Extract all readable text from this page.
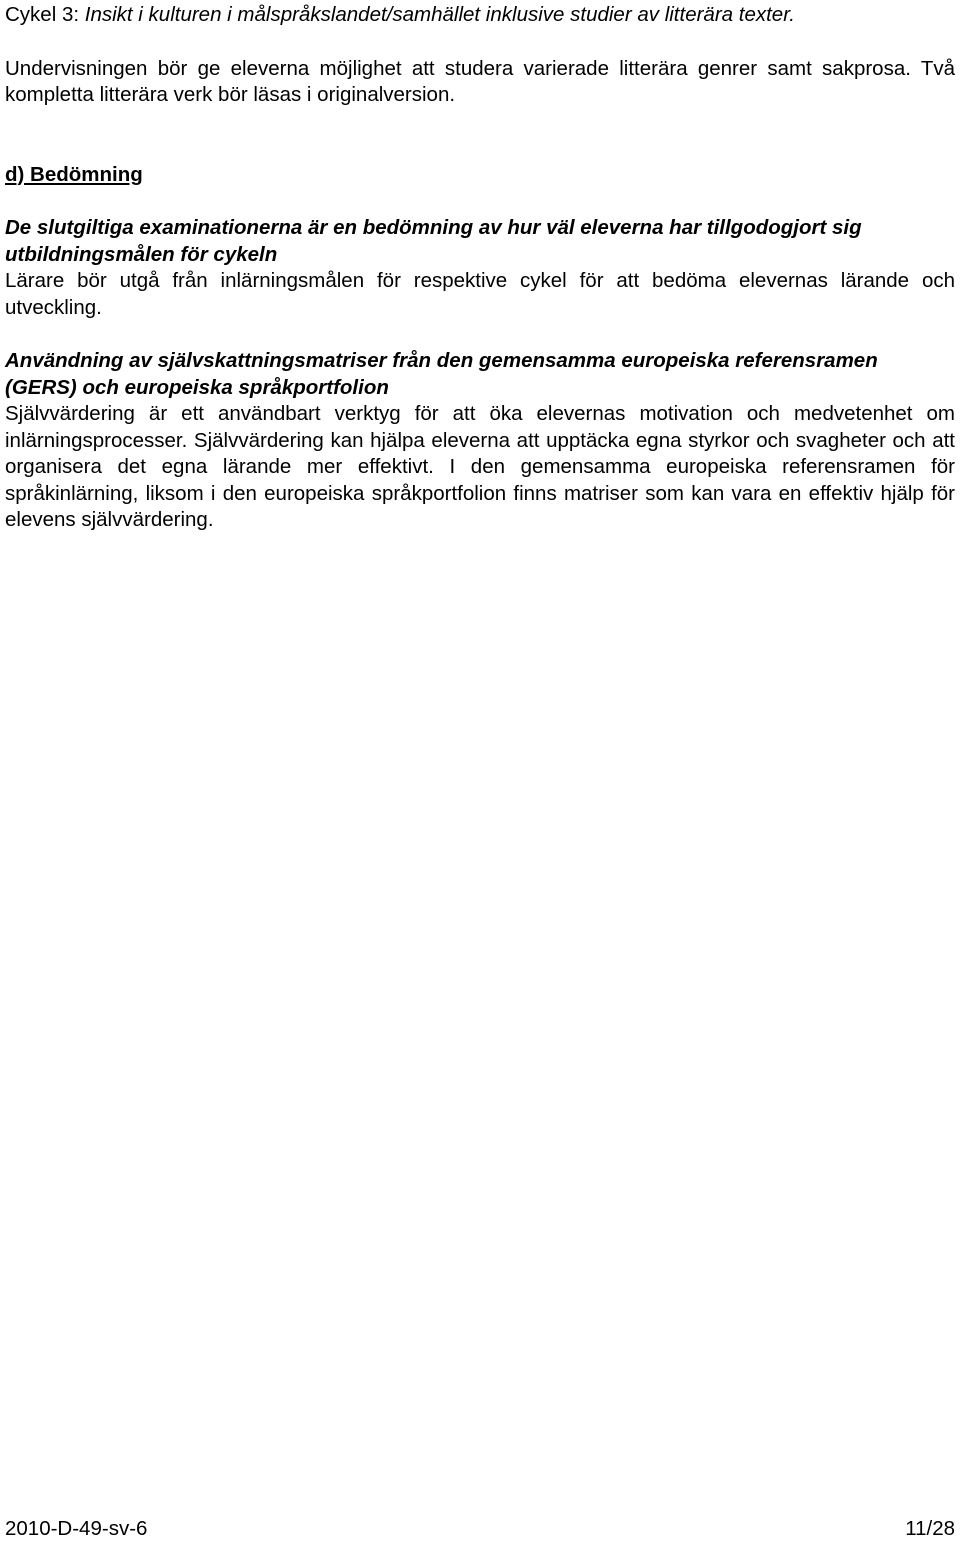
Cykel 3: Insikt i kulturen i målspråkslandet/samhället inklusive studier av litterära texter.

Undervisningen bör ge eleverna möjlighet att studera varierade litterära genrer samt sakprosa. Två kompletta litterära verk bör läsas i originalversion.

d) Bedömning

De slutgiltiga examinationerna är en bedömning av hur väl eleverna har tillgodogjort sig utbildningsmålen för cykeln

Lärare bör utgå från inlärningsmålen för respektive cykel för att bedöma elevernas lärande och utveckling.

Användning av självskattningsmatriser från den gemensamma europeiska referensramen (GERS) och europeiska språkportfolion

Självvärdering är ett användbart verktyg för att öka elevernas motivation och medvetenhet om inlärningsprocesser. Självvärdering kan hjälpa eleverna att upptäcka egna styrkor och svagheter och att organisera det egna lärande mer effektivt. I den gemensamma europeiska referensramen för språkinlärning, liksom i den europeiska språkportfolion finns matriser som kan vara en effektiv hjälp för elevens självvärdering.

2010-D-49-sv-6	11/28
